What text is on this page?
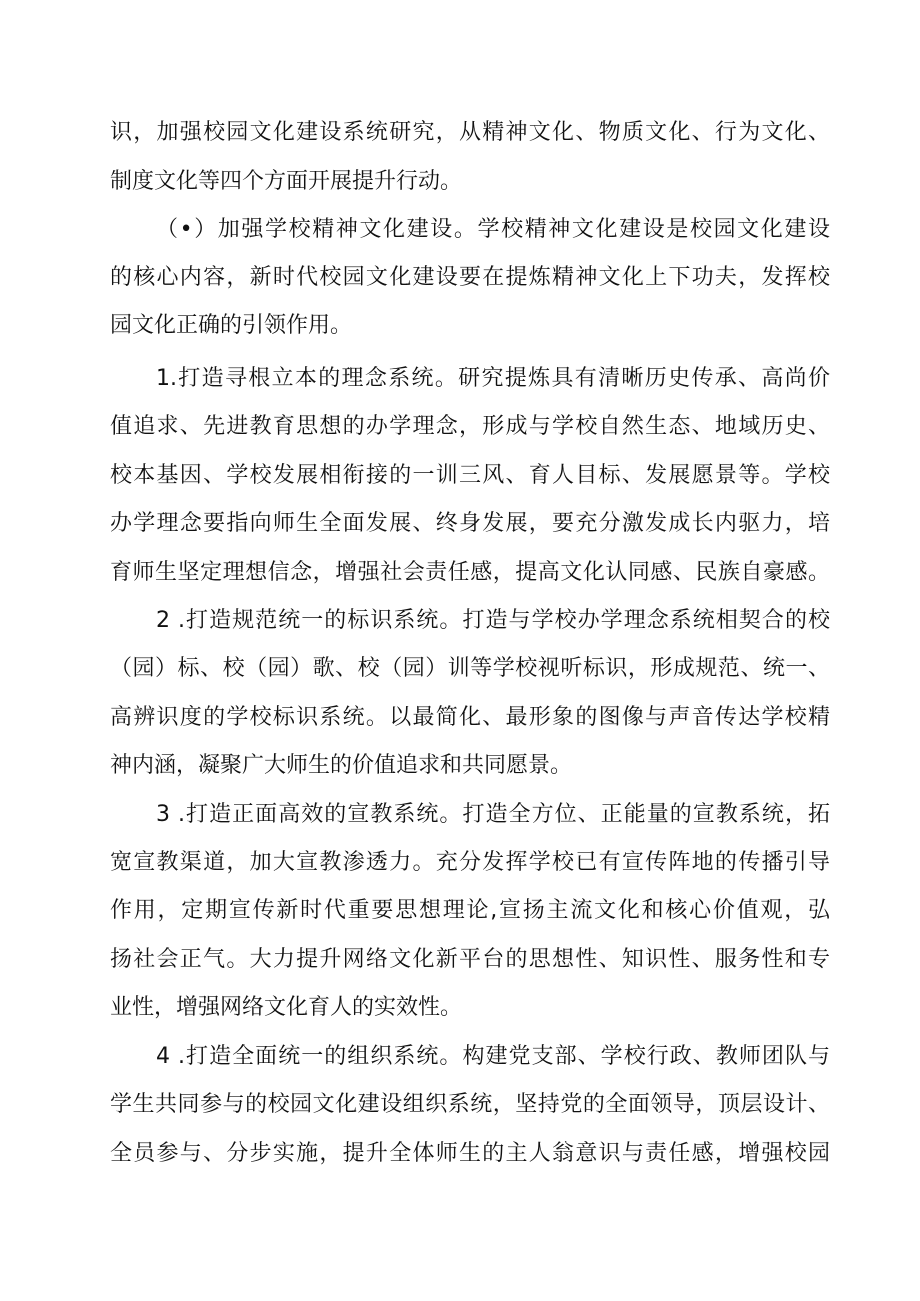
识，加强校园文化建设系统研究，从精神文化、物质文化、行为文化、
制度文化等四个方面开展提升行动。
（•）加强学校精神文化建设。学校精神文化建设是校园文化建设
的核心内容，新时代校园文化建设要在提炼精神文化上下功夫，发挥校
园文化正确的引领作用。
1.打造寻根立本的理念系统。研究提炼具有清晰历史传承、高尚价
值追求、先进教育思想的办学理念，形成与学校自然生态、地域历史、
校本基因、学校发展相衔接的一训三风、育人目标、发展愿景等。学校
办学理念要指向师生全面发展、终身发展，要充分激发成长内驱力，培
育师生坚定理想信念，增强社会责任感，提高文化认同感、民族自豪感。
2 .打造规范统一的标识系统。打造与学校办学理念系统相契合的校
（园）标、校（园）歌、校（园）训等学校视听标识，形成规范、统一、
高辨识度的学校标识系统。以最简化、最形象的图像与声音传达学校精
神内涵，凝聚广大师生的价值追求和共同愿景。
3 .打造正面高效的宣教系统。打造全方位、正能量的宣教系统，拓
宽宣教渠道，加大宣教渗透力。充分发挥学校已有宣传阵地的传播引导
作用，定期宣传新时代重要思想理论,宣扬主流文化和核心价值观，弘
扬社会正气。大力提升网络文化新平台的思想性、知识性、服务性和专
业性，增强网络文化育人的实效性。
4 .打造全面统一的组织系统。构建党支部、学校行政、教师团队与
学生共同参与的校园文化建设组织系统，坚持党的全面领导，顶层设计、
全员参与、分步实施，提升全体师生的主人翁意识与责任感，增强校园
